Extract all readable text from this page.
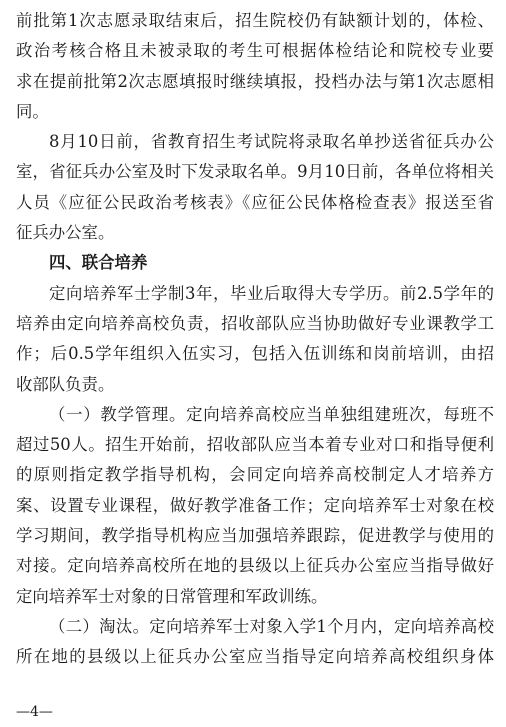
前批第1次志愿录取结束后，招生院校仍有缺额计划的，体检、
政治考核合格且未被录取的考生可根据体检结论和院校专业要
求在提前批第2次志愿填报时继续填报，投档办法与第1次志愿相
同。
8月10日前，省教育招生考试院将录取名单抄送省征兵办公
室，省征兵办公室及时下发录取名单。9月10日前，各单位将相关
人员《应征公民政治考核表》《应征公民体格检查表》报送至省
征兵办公室。
四、联合培养
定向培养军士学制3年，毕业后取得大专学历。前2.5学年的
培养由定向培养高校负责，招收部队应当协助做好专业课教学工
作；后0.5学年组织入伍实习，包括入伍训练和岗前培训，由招
收部队负责。
（一）教学管理。定向培养高校应当单独组建班次，每班不
超过50人。招生开始前，招收部队应当本着专业对口和指导便利
的原则指定教学指导机构，会同定向培养高校制定人才培养方
案、设置专业课程，做好教学准备工作；定向培养军士对象在校
学习期间，教学指导机构应当加强培养跟踪，促进教学与使用的
对接。定向培养高校所在地的县级以上征兵办公室应当指导做好
定向培养军士对象的日常管理和军政训练。
（二）淘汰。定向培养军士对象入学1个月内，定向培养高校
所在地的县级以上征兵办公室应当指导定向培养高校组织身体
—4—
